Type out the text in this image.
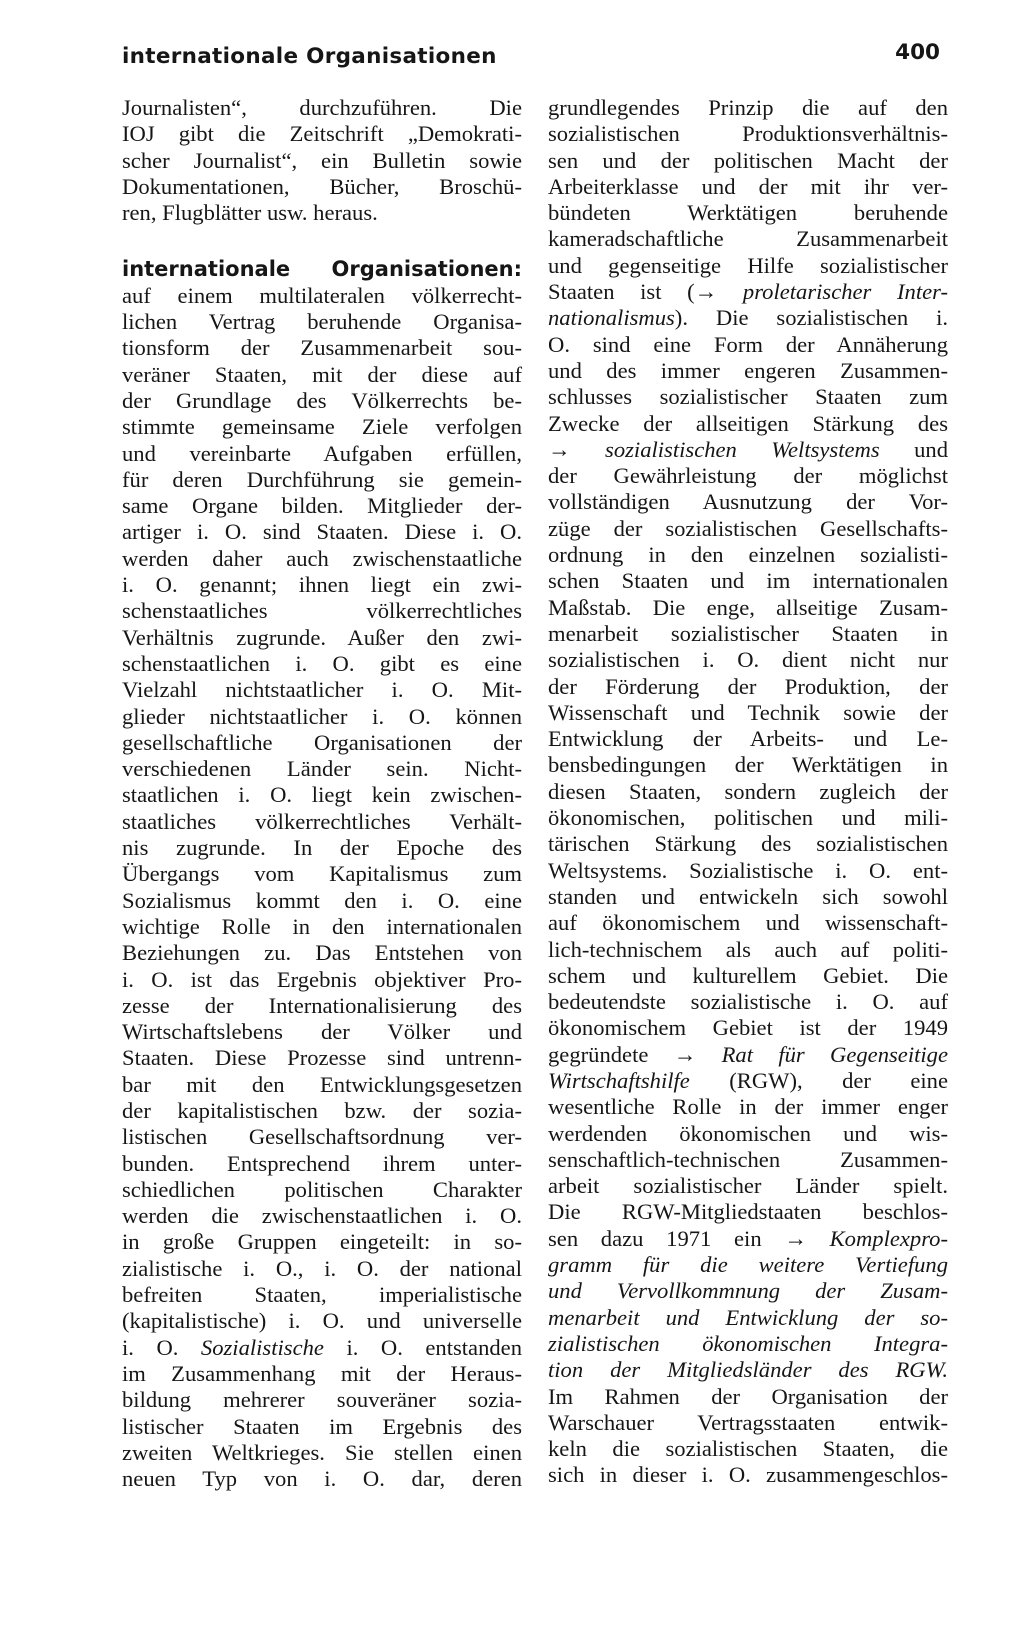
internationale Organisationen	400
Journalisten“, durchzuführen. Die
IOJ gibt die Zeitschrift „Demokrati-
scher Journalist“, ein Bulletin sowie
Dokumentationen, Bücher, Broschü-
ren, Flugblätter usw. heraus.
internationale Organisationen:
auf einem multilateralen völkerrecht-
lichen Vertrag beruhende Organisa-
tionsform der Zusammenarbeit sou-
veräner Staaten, mit der diese auf
der Grundlage des Völkerrechts be-
stimmte gemeinsame Ziele verfolgen
und vereinbarte Aufgaben erfüllen,
für deren Durchführung sie gemein-
same Organe bilden. Mitglieder der-
artiger i. O. sind Staaten. Diese i. O.
werden daher auch zwischenstaatliche
i. O. genannt; ihnen liegt ein zwi-
schenstaatliches völkerrechtliches
Verhältnis zugrunde. Außer den zwi-
schenstaatlichen i. O. gibt es eine
Vielzahl nichtstaatlicher i. O. Mit-
glieder nichtstaatlicher i. O. können
gesellschaftliche Organisationen der
verschiedenen Länder sein. Nicht-
staatlichen i. O. liegt kein zwischen-
staatliches völkerrechtliches Verhält-
nis zugrunde. In der Epoche des
Übergangs vom Kapitalismus zum
Sozialismus kommt den i. O. eine
wichtige Rolle in den internationalen
Beziehungen zu. Das Entstehen von
i. O. ist das Ergebnis objektiver Pro-
zesse der Internationalisierung des
Wirtschaftslebens der Völker und
Staaten. Diese Prozesse sind untrenn-
bar mit den Entwicklungsgesetzen
der kapitalistischen bzw. der sozia-
listischen Gesellschaftsordnung ver-
bunden. Entsprechend ihrem unter-
schiedlichen politischen Charakter
werden die zwischenstaatlichen i. O.
in große Gruppen eingeteilt: in so-
zialistische i. O., i. O. der national
befreiten Staaten, imperialistische
(kapitalistische) i. O. und universelle
i. O. Sozialistische i. O. entstanden
im Zusammenhang mit der Heraus-
bildung mehrerer souveräner sozia-
listischer Staaten im Ergebnis des
zweiten Weltkrieges. Sie stellen einen
neuen Typ von i. O. dar, deren
grundlegendes Prinzip die auf den
sozialistischen Produktionsverhältnis-
sen und der politischen Macht der
Arbeiterklasse und der mit ihr ver-
bündeten Werktätigen beruhende
kameradschaftliche Zusammenarbeit
und gegenseitige Hilfe sozialistischer
Staaten ist (→ proletarischer Inter-
nationalismus). Die sozialistischen i.
O. sind eine Form der Annäherung
und des immer engeren Zusammen-
schlusses sozialistischer Staaten zum
Zwecke der allseitigen Stärkung des
→ sozialistischen Weltsystems und
der Gewährleistung der möglichst
vollständigen Ausnutzung der Vor-
züge der sozialistischen Gesellschafts-
ordnung in den einzelnen sozialisti-
schen Staaten und im internationalen
Maßstab. Die enge, allseitige Zusam-
menarbeit sozialistischer Staaten in
sozialistischen i. O. dient nicht nur
der Förderung der Produktion, der
Wissenschaft und Technik sowie der
Entwicklung der Arbeits- und Le-
bensbedingungen der Werktätigen in
diesen Staaten, sondern zugleich der
ökonomischen, politischen und mili-
tärischen Stärkung des sozialistischen
Weltsystems. Sozialistische i. O. ent-
standen und entwickeln sich sowohl
auf ökonomischem und wissenschaft-
lich-technischem als auch auf politi-
schem und kulturellem Gebiet. Die
bedeutendste sozialistische i. O. auf
ökonomischem Gebiet ist der 1949
gegründete → Rat für Gegenseitige
Wirtschaftshilfe (RGW), der eine
wesentliche Rolle in der immer enger
werdenden ökonomischen und wis-
senschaftlich-technischen Zusammen-
arbeit sozialistischer Länder spielt.
Die RGW-Mitgliedstaaten beschlos-
sen dazu 1971 ein → Komplexpro-
gramm für die weitere Vertiefung
und Vervollkommnung der Zusam-
menarbeit und Entwicklung der so-
zialistischen ökonomischen Integra-
tion der Mitgliedsländer des RGW.
Im Rahmen der Organisation der
Warschauer Vertragsstaaten entwik-
keln die sozialistischen Staaten, die
sich in dieser i. O. zusammengeschlos-
